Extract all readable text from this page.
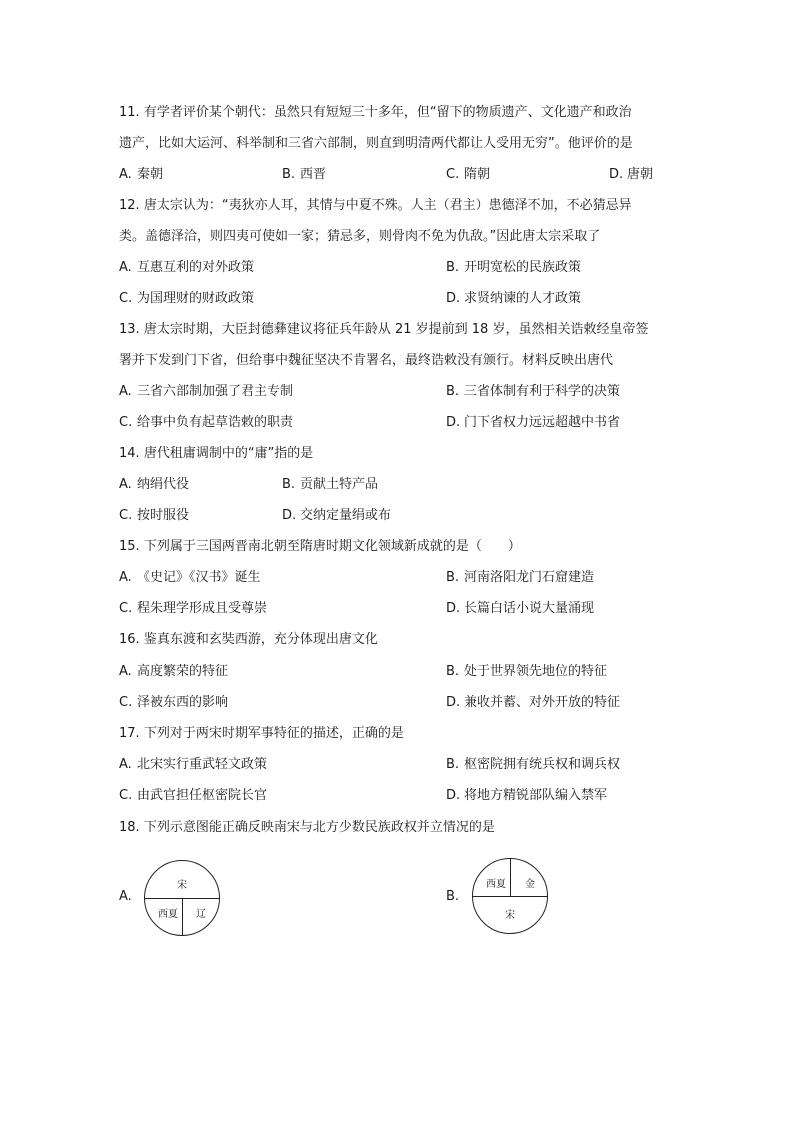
11. 有学者评价某个朝代：虽然只有短短三十多年，但“留下的物质遗产、文化遗产和政治
遗产，比如大运河、科举制和三省六部制，则直到明清两代都让人受用无穷”。他评价的是
A. 秦朝	B. 西晋	C. 隋朝	D. 唐朝
12. 唐太宗认为：“夷狄亦人耳，其情与中夏不殊。人主（君主）患德泽不加，不必猜忌异
类。盖德泽洽，则四夷可使如一家；猜忌多，则骨肉不免为仇敌。”因此唐太宗采取了
A. 互惠互利的对外政策	B. 开明宽松的民族政策
C. 为国理财的财政政策	D. 求贤纳谏的人才政策
13. 唐太宗时期，大臣封德彝建议将征兵年龄从 21 岁提前到 18 岁，虽然相关诰敕经皇帝签
署并下发到门下省，但给事中魏征坚决不肯署名，最终诰敕没有颁行。材料反映出唐代
A. 三省六部制加强了君主专制	B. 三省体制有利于科学的决策
C. 给事中负有起草诰敕的职责	D. 门下省权力远远超越中书省
14. 唐代租庸调制中的“庸”指的是
A. 纳绢代役	B. 贡献土特产品
C. 按时服役	D. 交纳定量绢或布
15. 下列属于三国两晋南北朝至隋唐时期文化领域新成就的是（　　）
A. 《史记》《汉书》诞生	B. 河南洛阳龙门石窟建造
C. 程朱理学形成且受尊崇	D. 长篇白话小说大量涌现
16. 鉴真东渡和玄奘西游，充分体现出唐文化
A. 高度繁荣的特征	B. 处于世界领先地位的特征
C. 泽被东西的影响	D. 兼收并蓄、对外开放的特征
17. 下列对于两宋时期军事特征的描述，正确的是
A. 北宋实行重武轻文政策	B. 枢密院拥有统兵权和调兵权
C. 由武官担任枢密院长官	D. 将地方精锐部队编入禁军
18. 下列示意图能正确反映南宋与北方少数民族政权并立情况的是
A.
宋
西夏 辽
B.
西夏 金
宋
